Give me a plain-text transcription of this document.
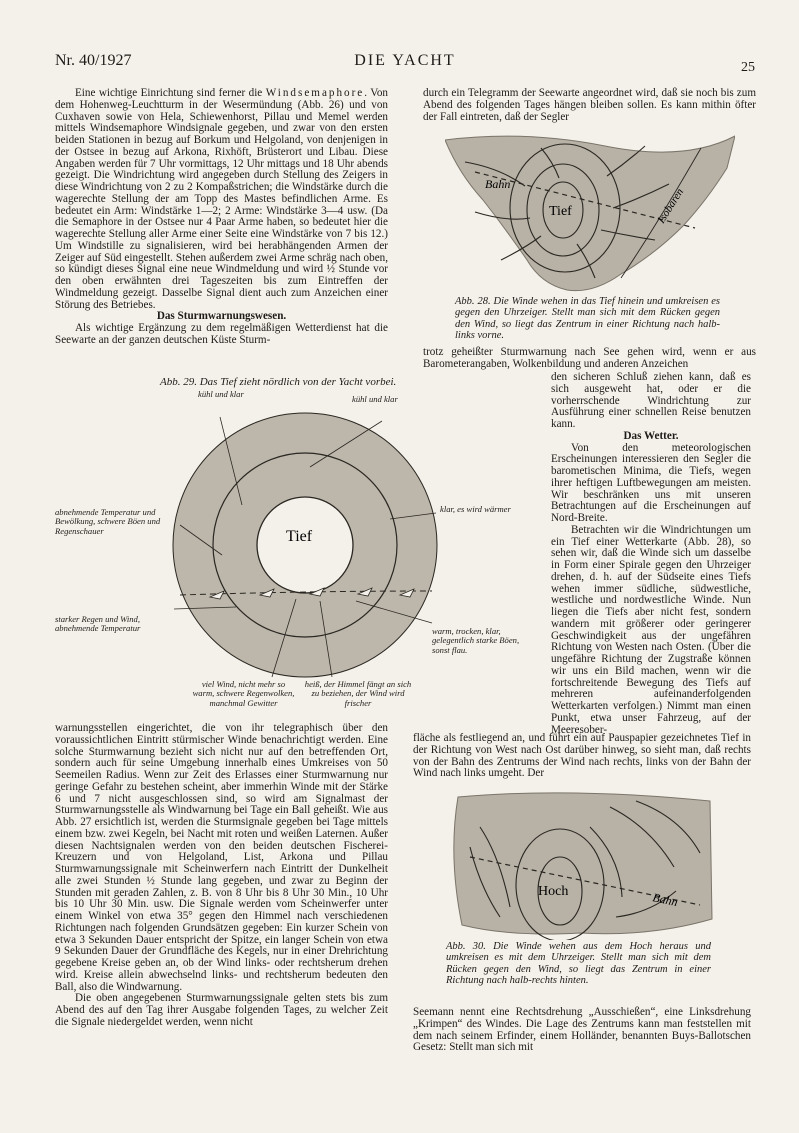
Nr. 40/1927	DIE YACHT	25

Eine wichtige Einrichtung sind ferner die Windsemaphore. Von dem Hohenweg-Leuchtturm in der Wesermündung (Abb. 26) und von Cuxhaven sowie von Hela, Schiewenhorst, Pillau und Memel werden mittels Windsemaphore Windsignale gegeben, und zwar von den ersten beiden Stationen in bezug auf Borkum und Helgoland, von denjenigen in der Ostsee in bezug auf Arkona, Rixhöft, Brüsterort und Libau. Diese Angaben werden für 7 Uhr vormittags, 12 Uhr mittags und 18 Uhr abends gezeigt. Die Windrichtung wird angegeben durch Stellung des Zeigers in diese Windrichtung von 2 zu 2 Kompaßstrichen; die Windstärke durch die wagerechte Stellung der am Topp des Mastes befindlichen Arme. Es bedeutet ein Arm: Windstärke 1—2; 2 Arme: Windstärke 3—4 usw. (Da die Semaphore in der Ostsee nur 4 Paar Arme haben, so bedeutet hier die wagerechte Stellung aller Arme einer Seite eine Windstärke von 7 bis 12.) Um Windstille zu signalisieren, wird bei herabhängenden Armen der Zeiger auf Süd eingestellt. Stehen außerdem zwei Arme schräg nach oben, so kündigt dieses Signal eine neue Windmeldung und wird ½ Stunde vor den oben erwähnten drei Tageszeiten bis zum Eintreffen der Windmeldung gezeigt. Dasselbe Signal dient auch zum Anzeichen einer Störung des Betriebes.

Das Sturmwarnungswesen.

Als wichtige Ergänzung zu dem regelmäßigen Wetterdienst hat die Seewarte an der ganzen deutschen Küste Sturm-

durch ein Telegramm der Seewarte angeordnet wird, daß sie noch bis zum Abend des folgenden Tages hängen bleiben sollen. Es kann mithin öfter der Fall eintreten, daß der Segler

Bahn
Tief	Isobaren

Abb. 28. Die Winde wehen in das Tief hinein und umkreisen es gegen den Uhrzeiger. Stellt man sich mit dem Rücken gegen den Wind, so liegt das Zentrum in einer Richtung nach halb-links vorne.

trotz geheißter Sturmwarnung nach See gehen wird, wenn er aus Barometerangaben, Wolkenbildung und anderen Anzeichen

Abb. 29. Das Tief zieht nördlich von der Yacht vorbei.
Tief
kühl und klar	kühl und klar
abnehmende Temperatur und Bewölkung, schwere Böen und Regenschauer
klar, es wird wärmer
starker Regen und Wind, abnehmende Temperatur	warm, trocken, klar, gelegentlich starke Böen, sonst flau.
viel Wind, nicht mehr so warm, schwere Regenwolken, manchmal Gewitter
heiß, der Himmel fängt an sich zu beziehen, der Wind wird frischer

den sicheren Schluß ziehen kann, daß es sich ausgeweht hat, oder er die vorherrschende Windrichtung zur Ausführung einer schnellen Reise benutzen kann.

Das Wetter.

Von den meteorologischen Erscheinungen interessieren den Segler die barometischen Minima, die Tiefs, wegen ihrer heftigen Luftbewegungen am meisten. Wir beschränken uns mit unseren Betrachtungen auf die Erscheinungen auf Nord-Breite.

Betrachten wir die Windrichtungen um ein Tief einer Wetterkarte (Abb. 28), so sehen wir, daß die Winde sich um dasselbe in Form einer Spirale gegen den Uhrzeiger drehen, d. h. auf der Südseite eines Tiefs wehen immer südliche, südwestliche, westliche und nordwestliche Winde. Nun liegen die Tiefs aber nicht fest, sondern wandern mit größerer oder geringerer Geschwindigkeit aus der ungefähren Richtung von Westen nach Osten. (Über die ungefähre Richtung der Zugstraße können wir uns ein Bild machen, wenn wir die fortschreitende Bewegung des Tiefs auf mehreren aufeinanderfolgenden Wetterkarten verfolgen.) Nimmt man einen Punkt, etwa unser Fahrzeug, auf der Meeresober-

warnungsstellen eingerichtet, die von ihr telegraphisch über den voraussichtlichen Eintritt stürmischer Winde benachrichtigt werden. Eine solche Sturmwarnung bezieht sich nicht nur auf den betreffenden Ort, sondern auch für seine Umgebung innerhalb eines Umkreises von 50 Seemeilen Radius. Wenn zur Zeit des Erlasses einer Sturmwarnung nur geringe Gefahr zu bestehen scheint, aber immerhin Winde mit der Stärke 6 und 7 nicht ausgeschlossen sind, so wird am Signalmast der Sturmwarnungsstelle als Windwarnung bei Tage ein Ball geheißt. Wie aus Abb. 27 ersichtlich ist, werden die Sturmsignale gegeben bei Tage mittels einem bzw. zwei Kegeln, bei Nacht mit roten und weißen Laternen. Außer diesen Nachtsignalen werden von den beiden deutschen Fischerei-Kreuzern und von Helgoland, List, Arkona und Pillau Sturmwarnungssignale mit Scheinwerfern nach Eintritt der Dunkelheit alle zwei Stunden ½ Stunde lang gegeben, und zwar zu Beginn der Stunden mit geraden Zahlen, z. B. von 8 Uhr bis 8 Uhr 30 Min., 10 Uhr bis 10 Uhr 30 Min. usw. Die Signale werden vom Scheinwerfer unter einem Winkel von etwa 35° gegen den Himmel nach verschiedenen Richtungen nach folgenden Grundsätzen gegeben: Ein kurzer Schein von etwa 3 Sekunden Dauer entspricht der Spitze, ein langer Schein von etwa 9 Sekunden Dauer der Grundfläche des Kegels, nur in einer Drehrichtung gegebene Kreise geben an, ob der Wind links- oder rechtsherum drehen wird. Kreise allein abwechselnd links- und rechtsherum bedeuten den Ball, also die Windwarnung.

Die oben angegebenen Sturmwarnungssignale gelten stets bis zum Abend des auf den Tag ihrer Ausgabe folgenden Tages, zu welcher Zeit die Signale niedergeldet werden, wenn nicht

fläche als festliegend an, und führt ein auf Pauspapier gezeichnetes Tief in der Richtung von West nach Ost darüber hinweg, so sieht man, daß rechts von der Bahn des Zentrums der Wind nach rechts, links von der Bahn der Wind nach links umgeht. Der

Hoch	Bahn

Abb. 30. Die Winde wehen aus dem Hoch heraus und umkreisen es mit dem Uhrzeiger. Stellt man sich mit dem Rücken gegen den Wind, so liegt das Zentrum in einer Richtung nach halb-rechts hinten.

Seemann nennt eine Rechtsdrehung „Ausschießen“, eine Linksdrehung „Krimpen“ des Windes. Die Lage des Zentrums kann man feststellen mit dem nach seinem Erfinder, einem Holländer, benannten Buys-Ballotschen Gesetz: Stellt man sich mit
